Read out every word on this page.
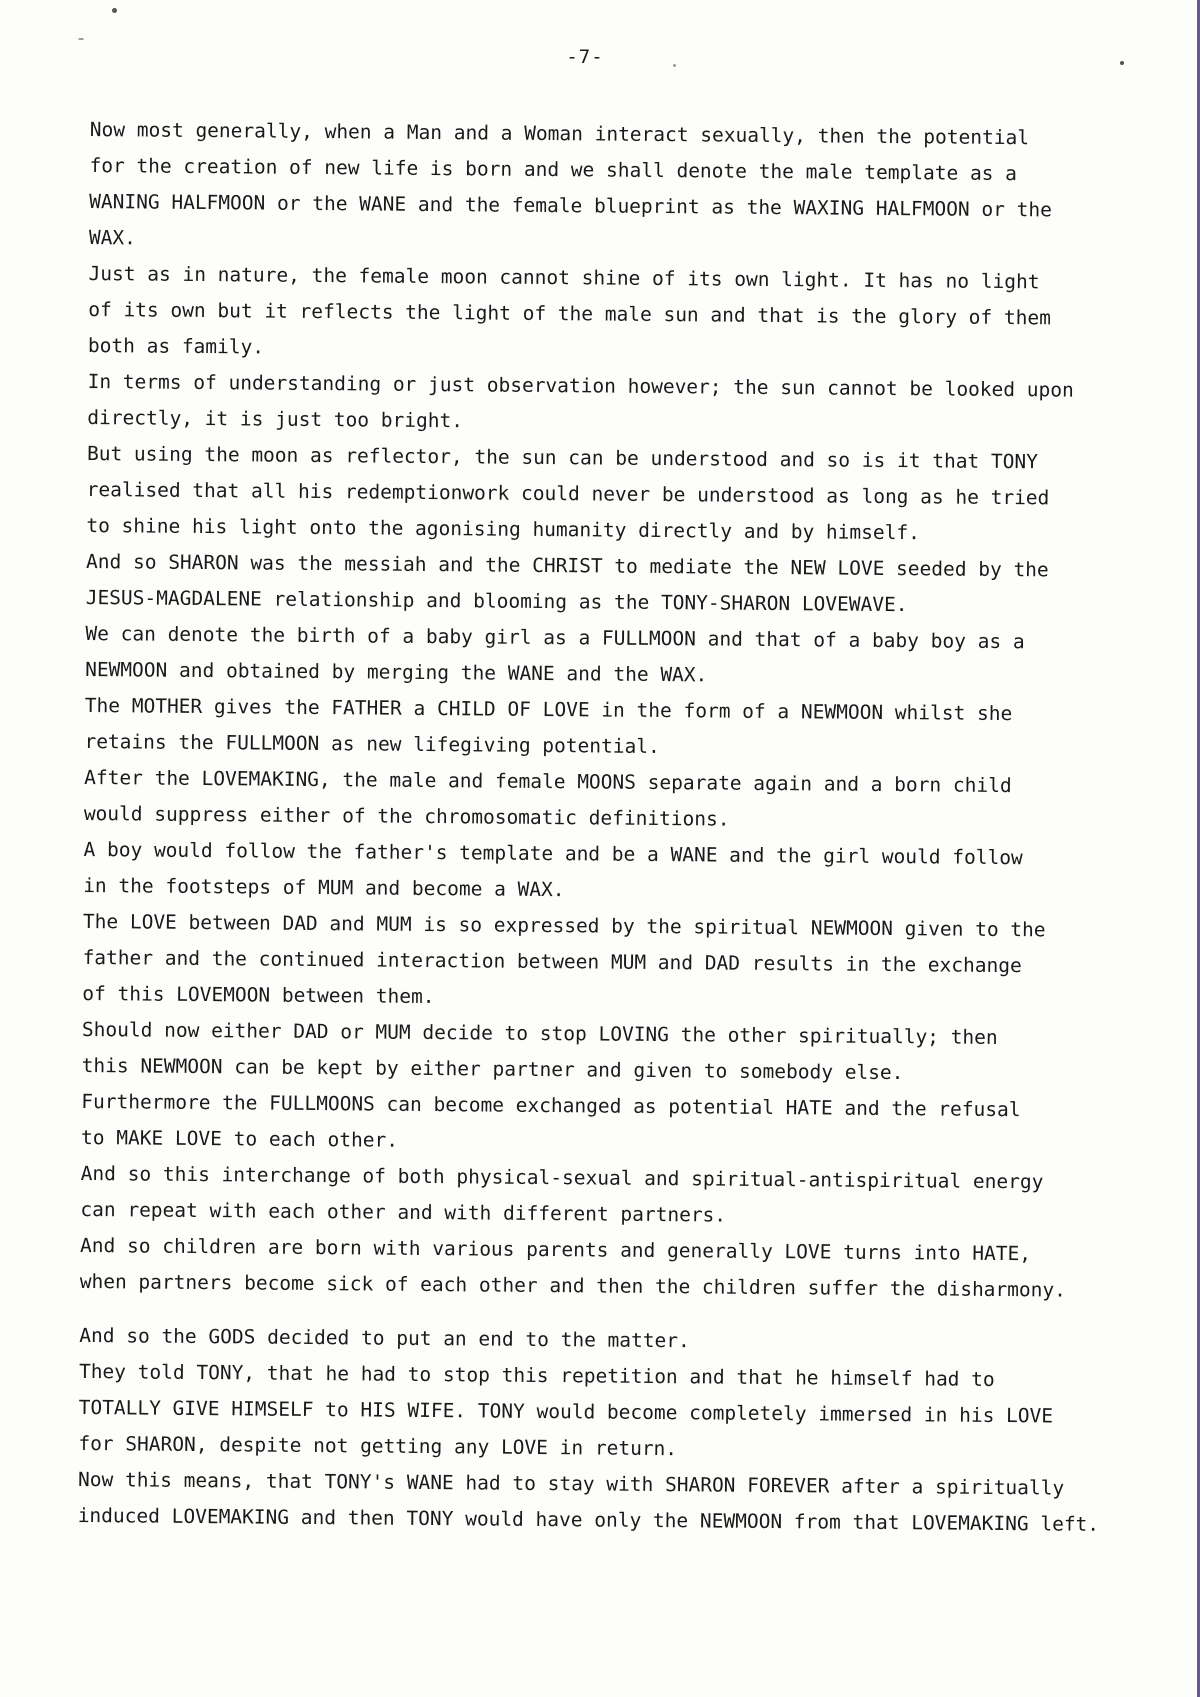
-7-
Now most generally, when a Man and a Woman interact sexually, then the potential
for the creation of new life is born and we shall denote the male template as a
WANING HALFMOON or the WANE and the female blueprint as the WAXING HALFMOON or the
WAX.
Just as in nature, the female moon cannot shine of its own light. It has no light
of its own but it reflects the light of the male sun and that is the glory of them
both as family.
In terms of understanding or just observation however; the sun cannot be looked upon
directly, it is just too bright.
But using the moon as reflector, the sun can be understood and so is it that TONY
realised that all his redemptionwork could never be understood as long as he tried
to shine his light onto the agonising humanity directly and by himself.
And so SHARON was the messiah and the CHRIST to mediate the NEW LOVE seeded by the
JESUS-MAGDALENE relationship and blooming as the TONY-SHARON LOVEWAVE.
We can denote the birth of a baby girl as a FULLMOON and that of a baby boy as a
NEWMOON and obtained by merging the WANE and the WAX.
The MOTHER gives the FATHER a CHILD OF LOVE in the form of a NEWMOON whilst she
retains the FULLMOON as new lifegiving potential.
After the LOVEMAKING, the male and female MOONS separate again and a born child
would suppress either of the chromosomatic definitions.
A boy would follow the father's template and be a WANE and the girl would follow
in the footsteps of MUM and become a WAX.
The LOVE between DAD and MUM is so expressed by the spiritual NEWMOON given to the
father and the continued interaction between MUM and DAD results in the exchange
of this LOVEMOON between them.
Should now either DAD or MUM decide to stop LOVING the other spiritually; then
this NEWMOON can be kept by either partner and given to somebody else.
Furthermore the FULLMOONS can become exchanged as potential HATE and the refusal
to MAKE LOVE to each other.
And so this interchange of both physical-sexual and spiritual-antispiritual energy
can repeat with each other and with different partners.
And so children are born with various parents and generally LOVE turns into HATE,
when partners become sick of each other and then the children suffer the disharmony.
And so the GODS decided to put an end to the matter.
They told TONY, that he had to stop this repetition and that he himself had to
TOTALLY GIVE HIMSELF to HIS WIFE. TONY would become completely immersed in his LOVE
for SHARON, despite not getting any LOVE in return.
Now this means, that TONY's WANE had to stay with SHARON FOREVER after a spiritually
induced LOVEMAKING and then TONY would have only the NEWMOON from that LOVEMAKING left.
